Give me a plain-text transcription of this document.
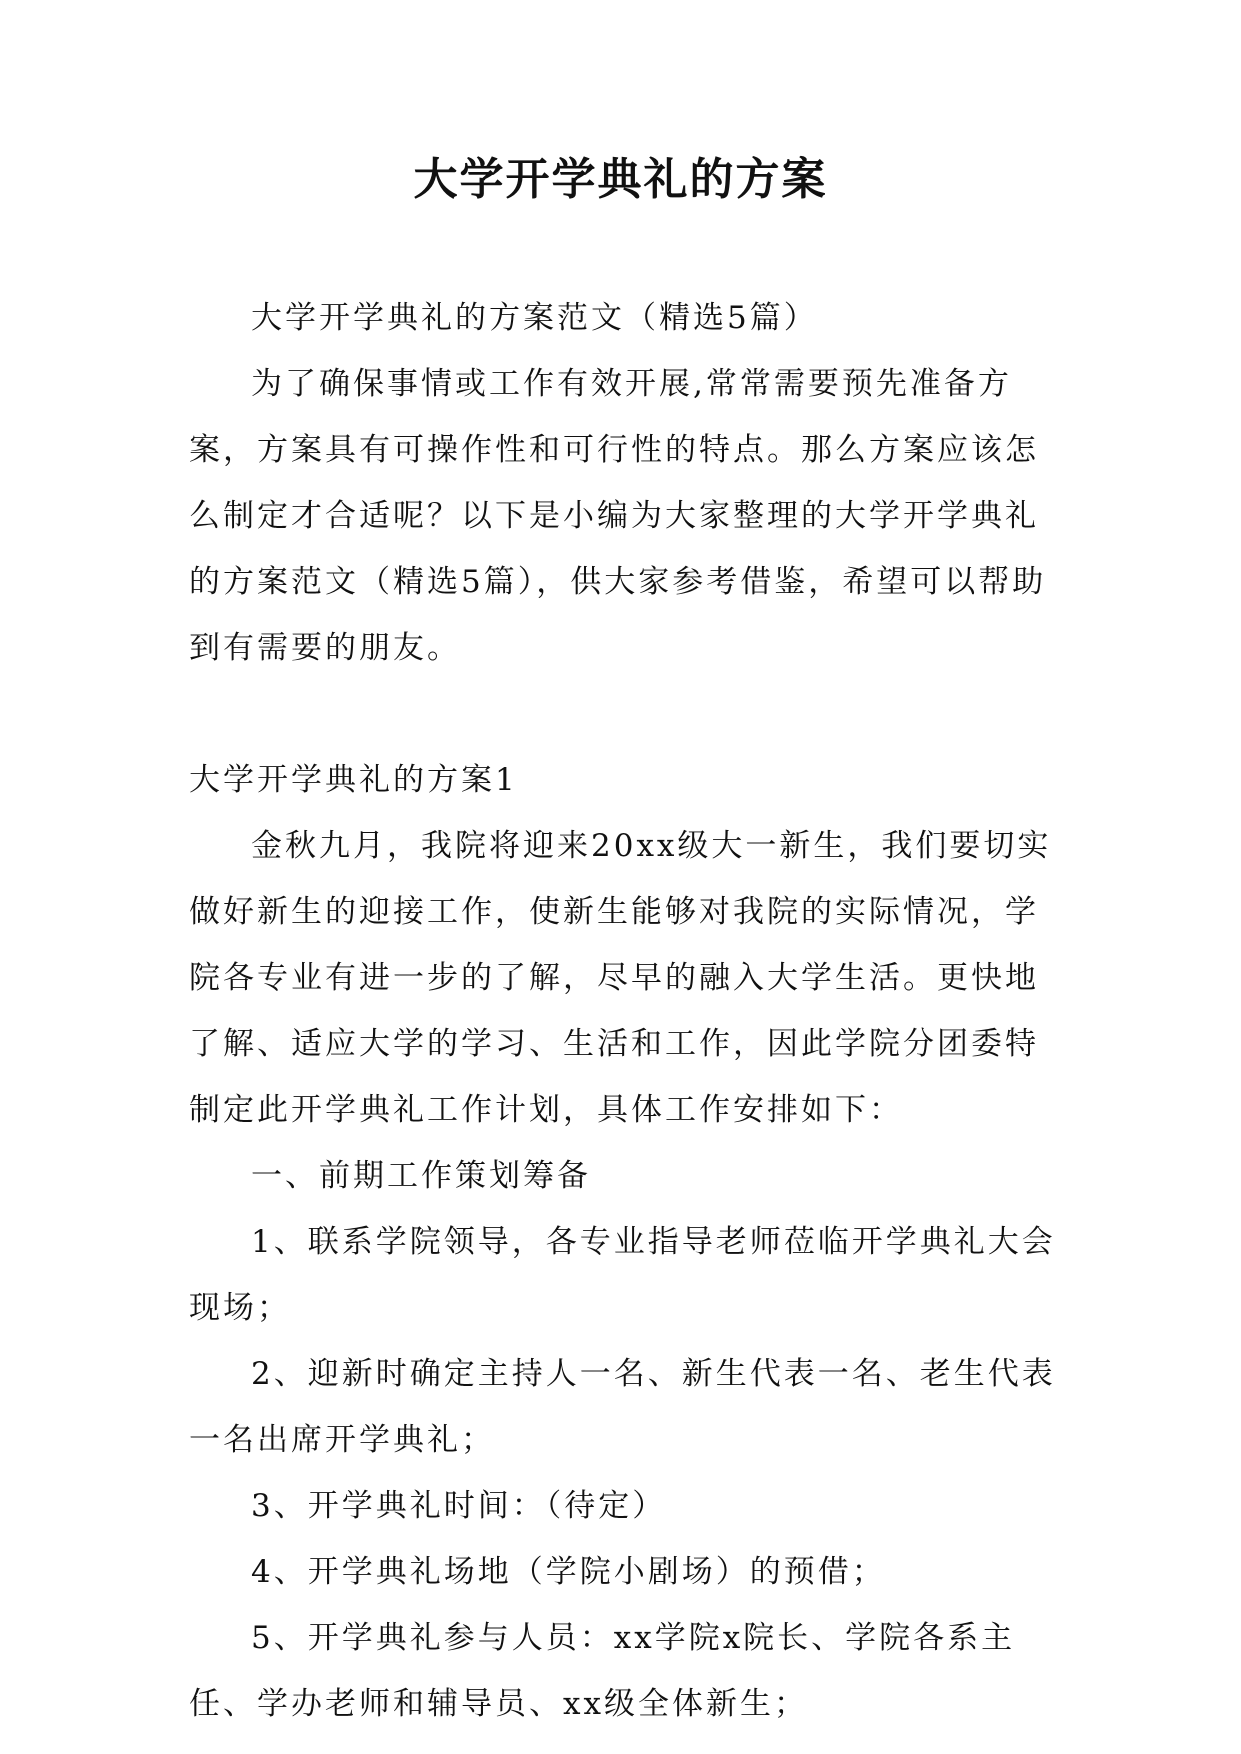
大学开学典礼的方案

大学开学典礼的方案范文（精选5篇）

为了确保事情或工作有效开展,常常需要预先准备方案，方案具有可操作性和可行性的特点。那么方案应该怎么制定才合适呢？以下是小编为大家整理的大学开学典礼的方案范文（精选5篇），供大家参考借鉴，希望可以帮助到有需要的朋友。

大学开学典礼的方案1

金秋九月，我院将迎来20xx级大一新生，我们要切实做好新生的迎接工作，使新生能够对我院的实际情况，学院各专业有进一步的了解，尽早的融入大学生活。更快地了解、适应大学的学习、生活和工作，因此学院分团委特制定此开学典礼工作计划，具体工作安排如下：

一、前期工作策划筹备

1、联系学院领导，各专业指导老师莅临开学典礼大会现场；

2、迎新时确定主持人一名、新生代表一名、老生代表一名出席开学典礼；

3、开学典礼时间：（待定）

4、开学典礼场地（学院小剧场）的预借；

5、开学典礼参与人员：xx学院x院长、学院各系主任、学办老师和辅导员、xx级全体新生；
